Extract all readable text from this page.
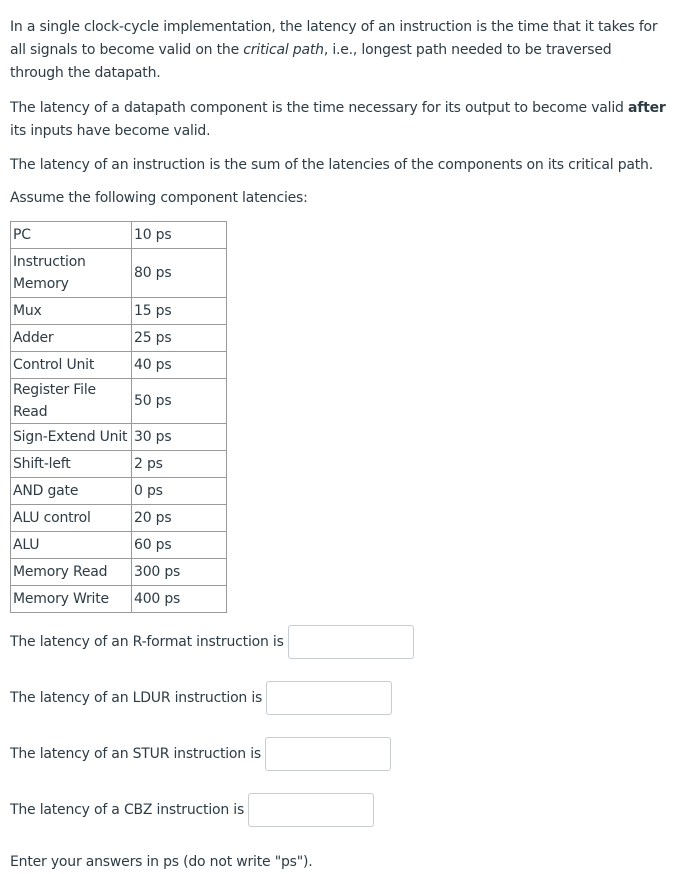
In a single clock-cycle implementation, the latency of an instruction is the time that it takes for all signals to become valid on the critical path, i.e., longest path needed to be traversed through the datapath.

The latency of a datapath component is the time necessary for its output to become valid after its inputs have become valid.

The latency of an instruction is the sum of the latencies of the components on its critical path.

Assume the following component latencies:

PC	10 ps
Instruction Memory	80 ps
Mux	15 ps
Adder	25 ps
Control Unit	40 ps
Register File Read	50 ps
Sign-Extend Unit	30 ps
Shift-left	2 ps
AND gate	0 ps
ALU control	20 ps
ALU	60 ps
Memory Read	300 ps
Memory Write	400 ps
The latency of an R-format instruction is
The latency of an LDUR instruction is
The latency of an STUR instruction is
The latency of a CBZ instruction is

Enter your answers in ps (do not write "ps").
